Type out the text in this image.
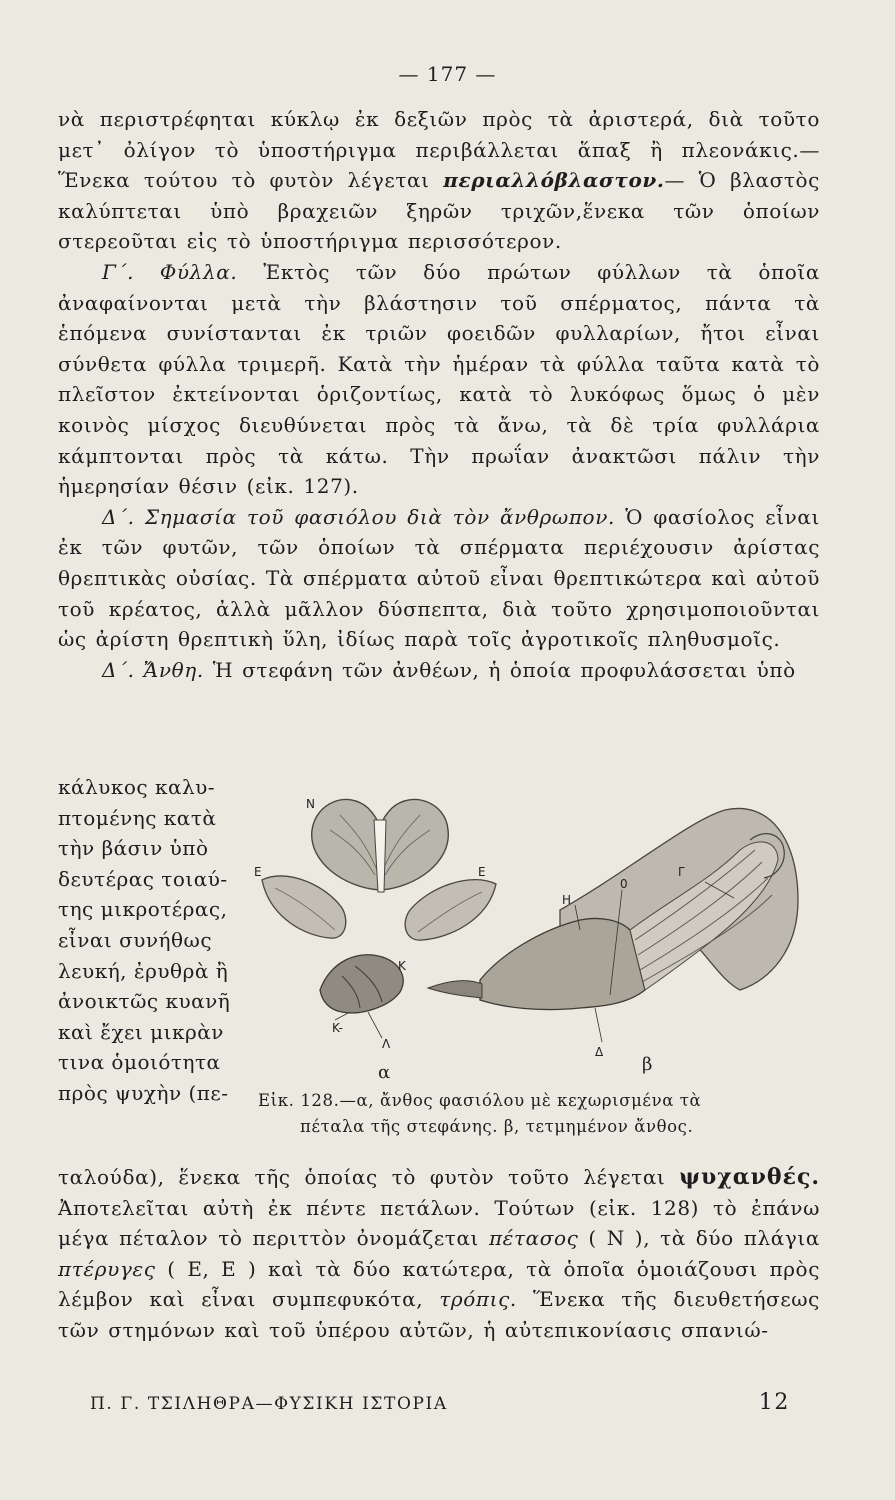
— 177 —

νὰ περιστρέφηται κύκλῳ ἐκ δεξιῶν πρὸς τὰ ἀριστερά, διὰ τοῦτο μετ᾽ ὀλίγον τὸ ὑποστήριγμα περιβάλλεται ἅπαξ ἢ πλεονάκις.—Ἕνεκα τούτου τὸ φυτὸν λέγεται περιαλλόβλαστον.— Ὁ βλαστὸς καλύπτεται ὑπὸ βραχειῶν ξηρῶν τριχῶν,ἕνεκα τῶν ὁποίων στερεοῦται εἰς τὸ ὑποστήριγμα περισσότερον.

Γ΄. Φύλλα. Ἐκτὸς τῶν δύο πρώτων φύλλων τὰ ὁποῖα ἀναφαίνονται μετὰ τὴν βλάστησιν τοῦ σπέρματος, πάντα τὰ ἑπόμενα συνίστανται ἐκ τριῶν φοειδῶν φυλλαρίων, ἤτοι εἶναι σύνθετα φύλλα τριμερῆ. Κατὰ τὴν ἡμέραν τὰ φύλλα ταῦτα κατὰ τὸ πλεῖστον ἐκτείνονται ὁριζοντίως, κατὰ τὸ λυκόφως ὅμως ὁ μὲν κοινὸς μίσχος διευθύνεται πρὸς τὰ ἄνω, τὰ δὲ τρία φυλλάρια κάμπτονται πρὸς τὰ κάτω. Τὴν πρωΐαν ἀνακτῶσι πάλιν τὴν ἡμερησίαν θέσιν (εἰκ. 127).

Δ΄. Σημασία τοῦ φασιόλου διὰ τὸν ἄνθρωπον. Ὁ φασίολος εἶναι ἐκ τῶν φυτῶν, τῶν ὁποίων τὰ σπέρματα περιέχουσιν ἀρίστας θρεπτικὰς οὐσίας. Τὰ σπέρματα αὐτοῦ εἶναι θρεπτικώτερα καὶ αὐτοῦ τοῦ κρέατος, ἀλλὰ μᾶλλον δύσπεπτα, διὰ τοῦτο χρησιμοποιοῦνται ὡς ἀρίστη θρεπτικὴ ὕλη, ἰδίως παρὰ τοῖς ἀγροτικοῖς πληθυσμοῖς.

Δ΄. Ἄνθη. Ἡ στεφάνη τῶν ἀνθέων, ἡ ὁποία προφυλάσσεται ὑπὸ

κάλυκος καλυ-
πτομένης κατὰ
τὴν βάσιν ὑπὸ
δευτέρας τοιαύ-
της μικροτέρας,
εἶναι συνήθως
λευκή, ἐρυθρὰ ἢ
ἀνοικτῶς κυανῆ
καὶ ἔχει μικρὰν
τινα ὁμοιότητα
πρὸς ψυχὴν (πε-
N
E	E
K
K-
Λ
α
H
0
Γ
Δ
β
Εἰκ. 128.—α, ἄνθος φασιόλου μὲ κεχωρισμένα τὰ
πέταλα τῆς στεφάνης. β, τετμημένον ἄνθος.

ταλούδα), ἕνεκα τῆς ὁποίας τὸ φυτὸν τοῦτο λέγεται ψυχανθές. Ἀποτελεῖται αὐτὴ ἐκ πέντε πετάλων. Τούτων (εἰκ. 128) τὸ ἐπάνω μέγα πέταλον τὸ περιττὸν ὀνομάζεται πέτασος ( Ν ), τὰ δύο πλάγια πτέρυγες ( Ε, Ε ) καὶ τὰ δύο κατώτερα, τὰ ὁποῖα ὁμοιάζουσι πρὸς λέμβον καὶ εἶναι συμπεφυκότα, τρόπις. Ἕνεκα τῆς διευθετήσεως τῶν στημόνων καὶ τοῦ ὑπέρου αὐτῶν, ἡ αὐτεπικονίασις σπανιώ-

Π. Γ. ΤΣΙΛΗΘΡΑ—ΦΥΣΙΚΗ ΙΣΤΟΡΙΑ	12
